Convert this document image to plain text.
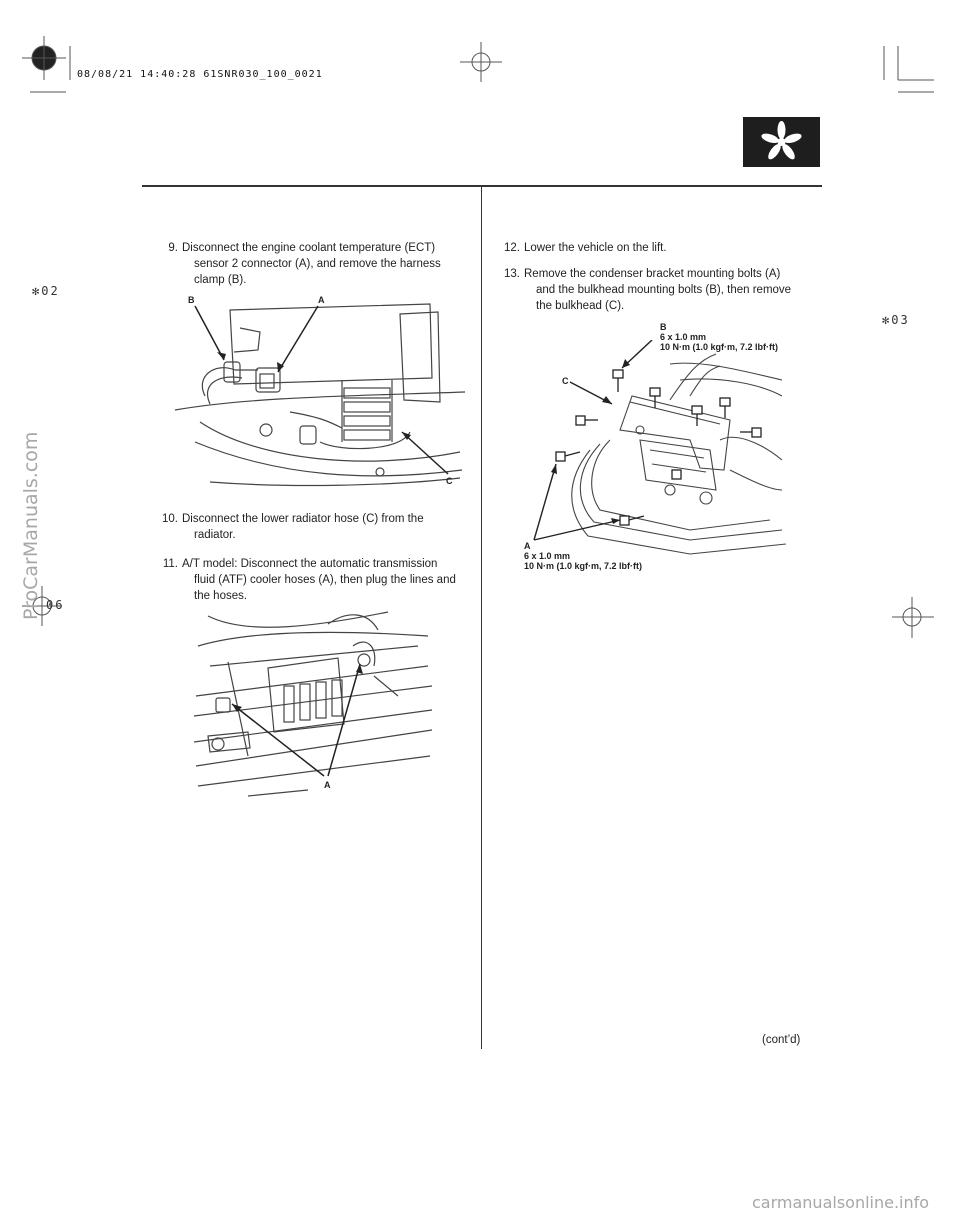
08/08/21 14:40:28 61SNR030_100_0021
✻02
✻03
06
ProCarManuals.com
carmanualsonline.info
9. Disconnect the engine coolant temperature (ECT)
sensor 2 connector (A), and remove the harness
clamp (B).
B	A
C
10. Disconnect the lower radiator hose (C) from the
radiator.
11. A/T model: Disconnect the automatic transmission
fluid (ATF) cooler hoses (A), then plug the lines and
the hoses.
A
12. Lower the vehicle on the lift.
13. Remove the condenser bracket mounting bolts (A)
and the bulkhead mounting bolts (B), then remove
the bulkhead (C).
B
6 x 1.0 mm
10 N·m (1.0 kgf·m, 7.2 lbf·ft)
C
A
6 x 1.0 mm
10 N·m (1.0 kgf·m, 7.2 lbf·ft)
(cont’d)
